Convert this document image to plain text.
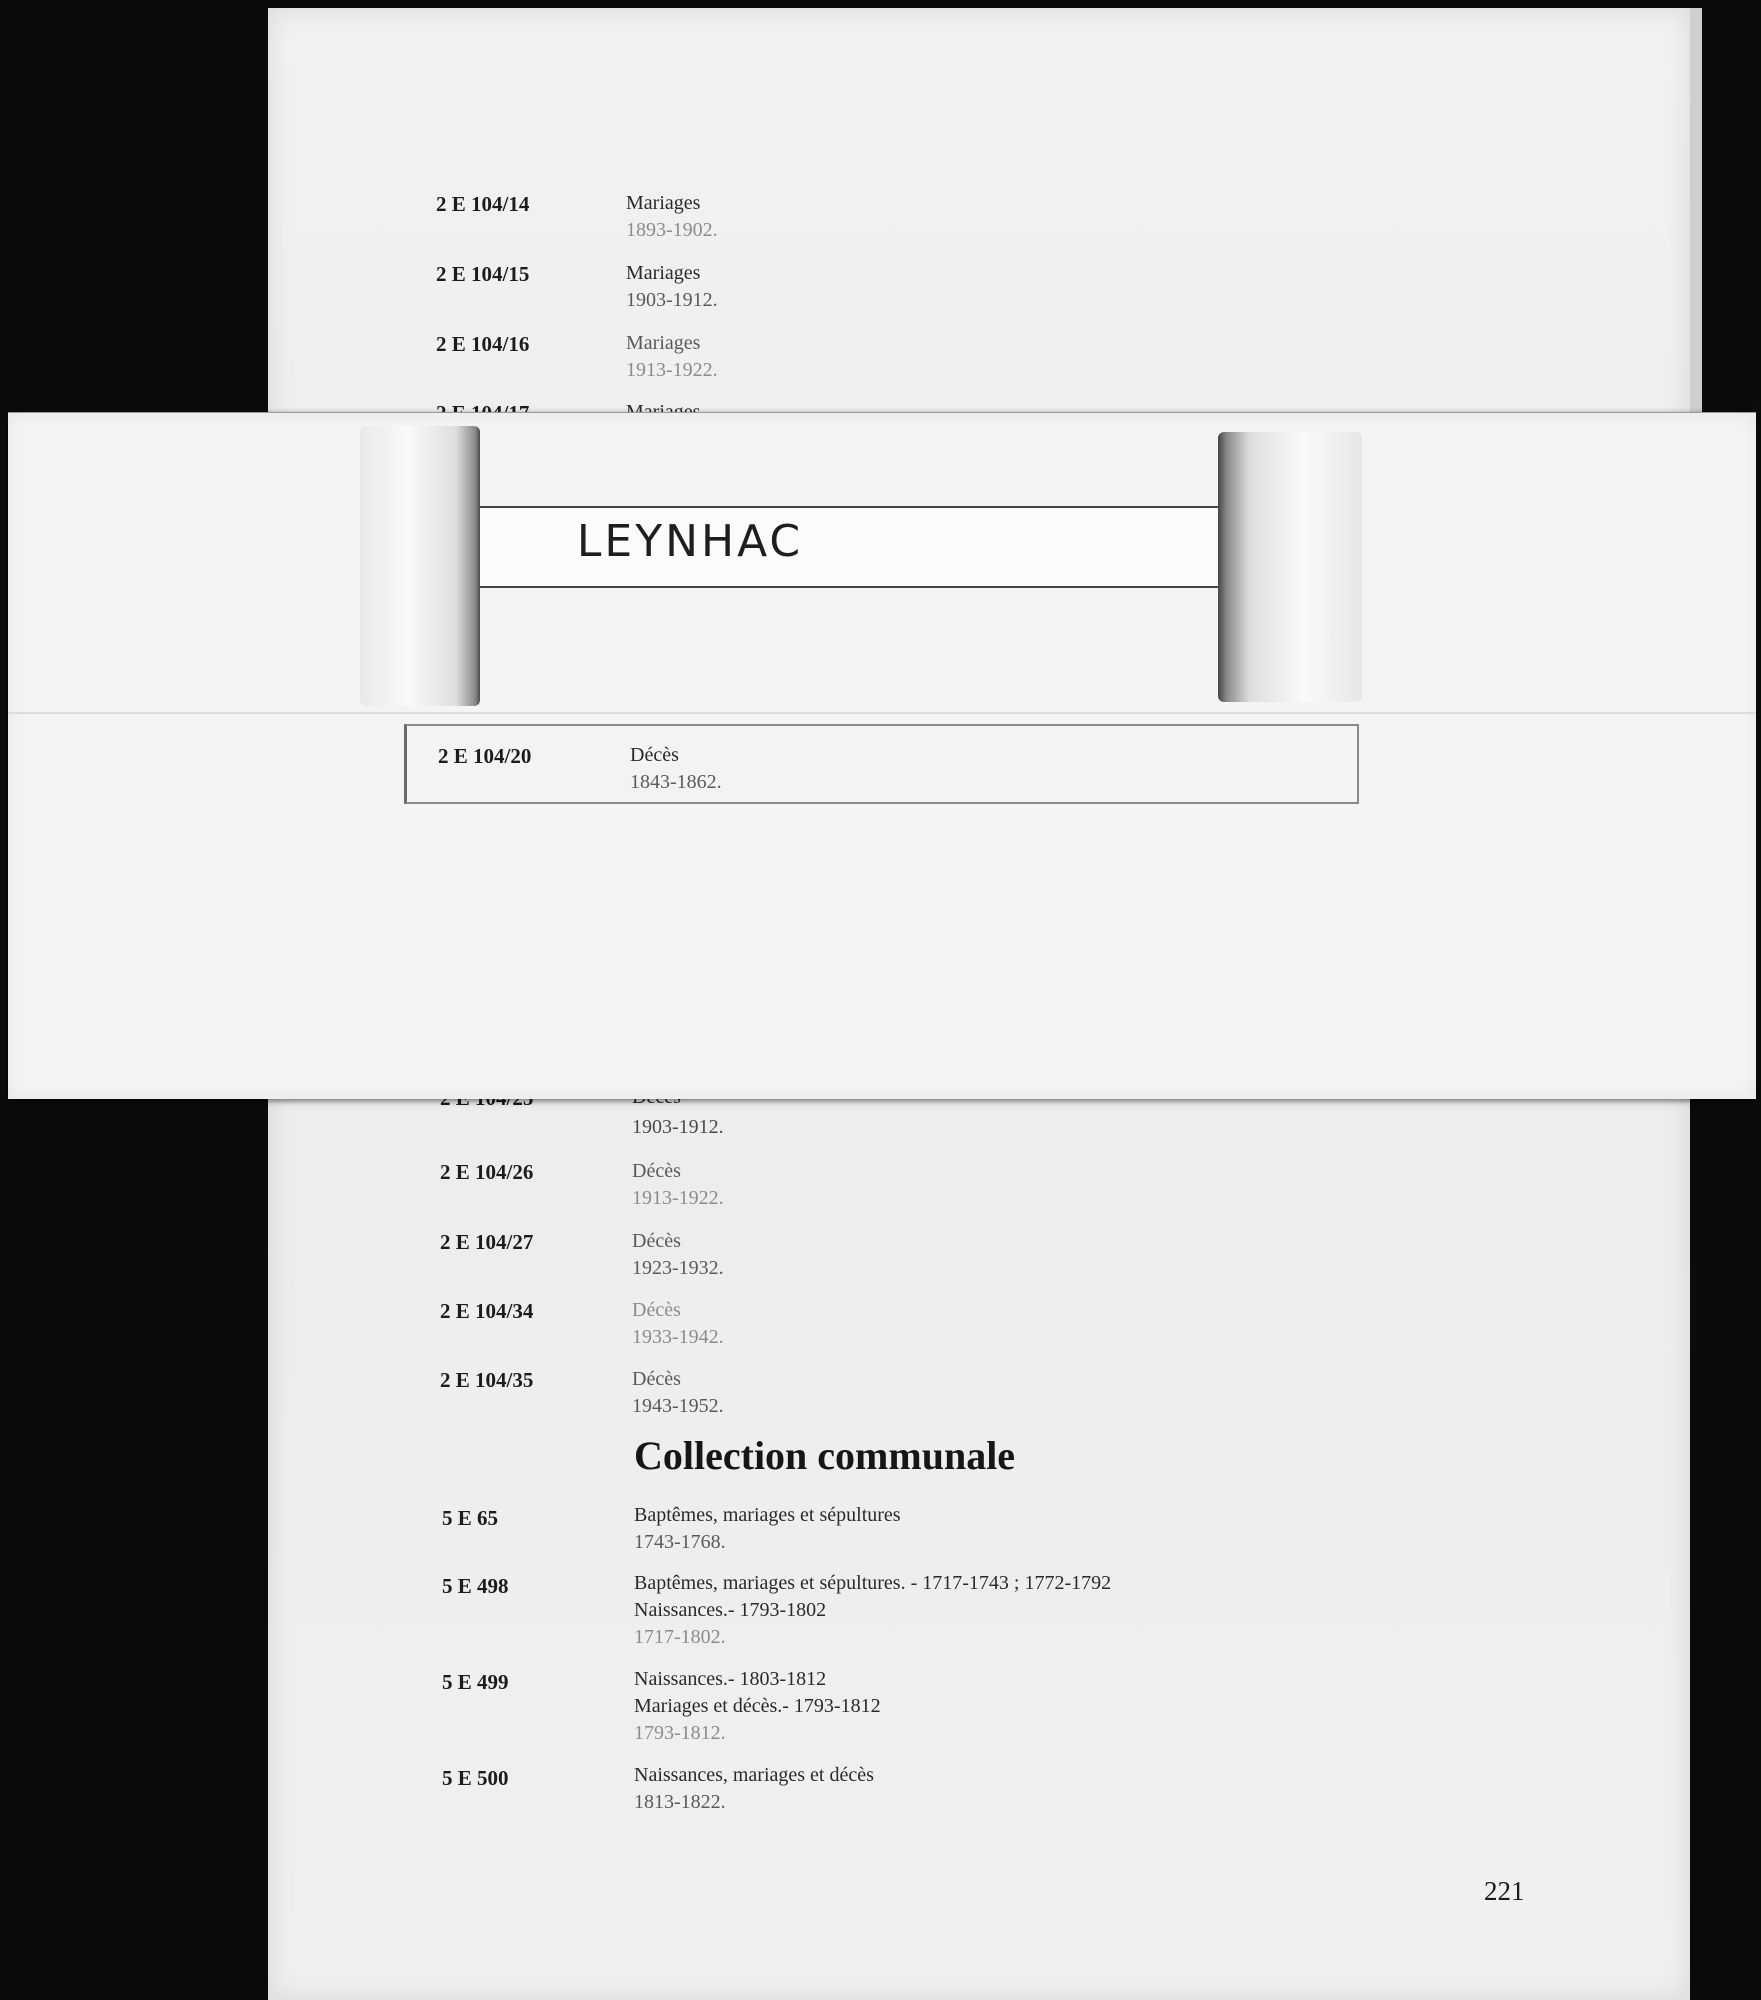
2 E 104/14	Mariages
1893-1902.
2 E 104/15	Mariages
1903-1912.
2 E 104/16	Mariages
1913-1922.
LEYNHAC
2 E 104/20	Décès
1843-1862.
1903-1912.
2 E 104/26	Décès
1913-1922.
2 E 104/27	Décès
1923-1932.
2 E 104/34	Décès
1933-1942.
2 E 104/35	Décès
1943-1952.
Collection communale
5 E 65	Baptêmes, mariages et sépultures
1743-1768.
5 E 498	Baptêmes, mariages et sépultures. - 1717-1743 ; 1772-1792
Naissances.- 1793-1802
1717-1802.
5 E 499	Naissances.- 1803-1812
Mariages et décès.- 1793-1812
1793-1812.
5 E 500	Naissances, mariages et décès
1813-1822.
221
